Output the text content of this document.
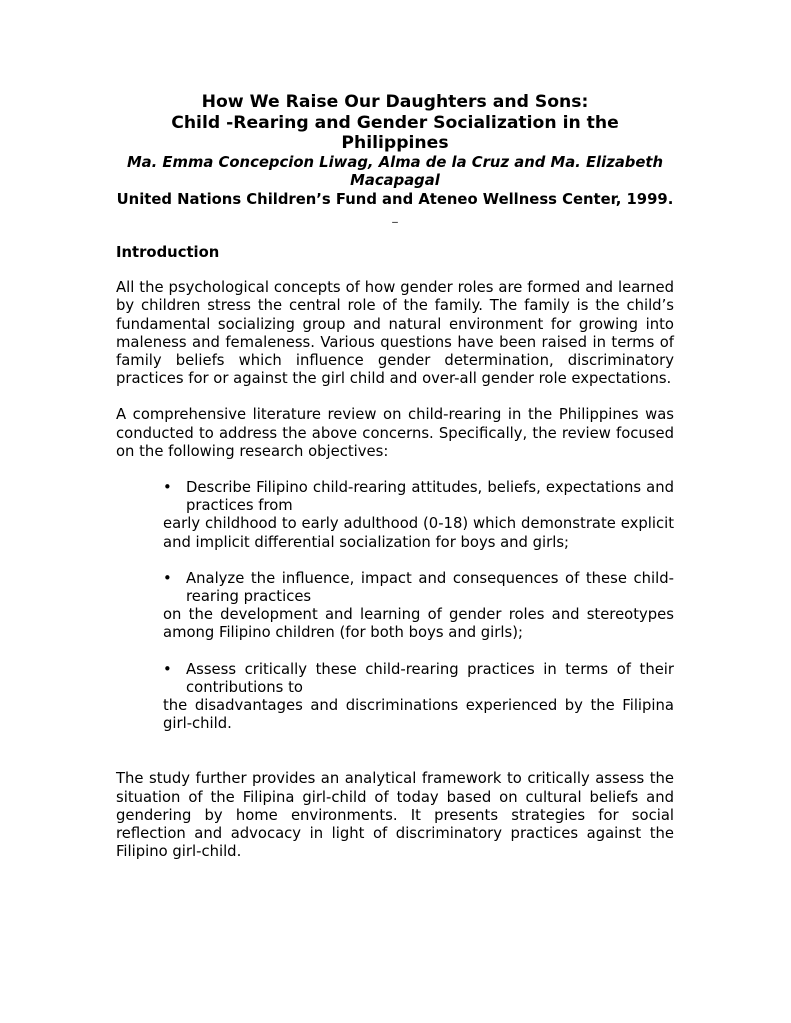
How We Raise Our Daughters and Sons:
Child -Rearing and Gender Socialization in the Philippines
Ma. Emma Concepcion Liwag, Alma de la Cruz and Ma. Elizabeth Macapagal
United Nations Children’s Fund and Ateneo Wellness Center, 1999.
_
Introduction

All the psychological concepts of how gender roles are formed and learned by children stress the central role of the family. The family is the child’s fundamental socializing group and natural environment for growing into maleness and femaleness. Various questions have been raised in terms of family beliefs which influence gender determination, discriminatory practices for or against the girl child and over-all gender role expectations.

A comprehensive literature review on child-rearing in the Philippines was conducted to address the above concerns. Specifically, the review focused on the following research objectives:

• Describe Filipino child-rearing attitudes, beliefs, expectations and practices from
early childhood to early adulthood (0-18) which demonstrate explicit and implicit differential socialization for boys and girls;
• Analyze the influence, impact and consequences of these child-rearing practices
on the development and learning of gender roles and stereotypes among Filipino children (for both boys and girls);
• Assess critically these child-rearing practices in terms of their contributions to
the disadvantages and discriminations experienced by the Filipina girl-child.

The study further provides an analytical framework to critically assess the situation of the Filipina girl-child of today based on cultural beliefs and gendering by home environments. It presents strategies for social reflection and advocacy in light of discriminatory practices against the Filipino girl-child.
